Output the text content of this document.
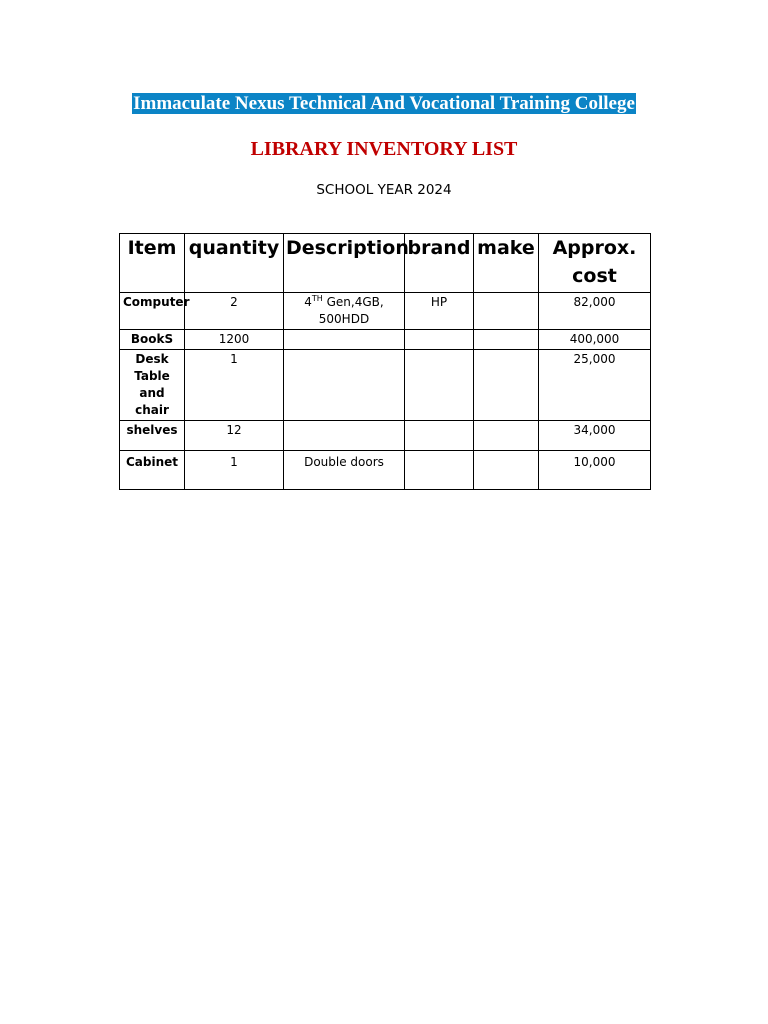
Immaculate Nexus Technical And Vocational Training College
LIBRARY INVENTORY LIST
SCHOOL YEAR 2024
Item	quantity	Description	brand	make	Approx. cost
Computer	2	4TH Gen,4GB, 500HDD	HP		82,000
BookS	1200				400,000
Desk Table and chair	1				25,000
shelves	12				34,000
Cabinet	1	Double doors			10,000
